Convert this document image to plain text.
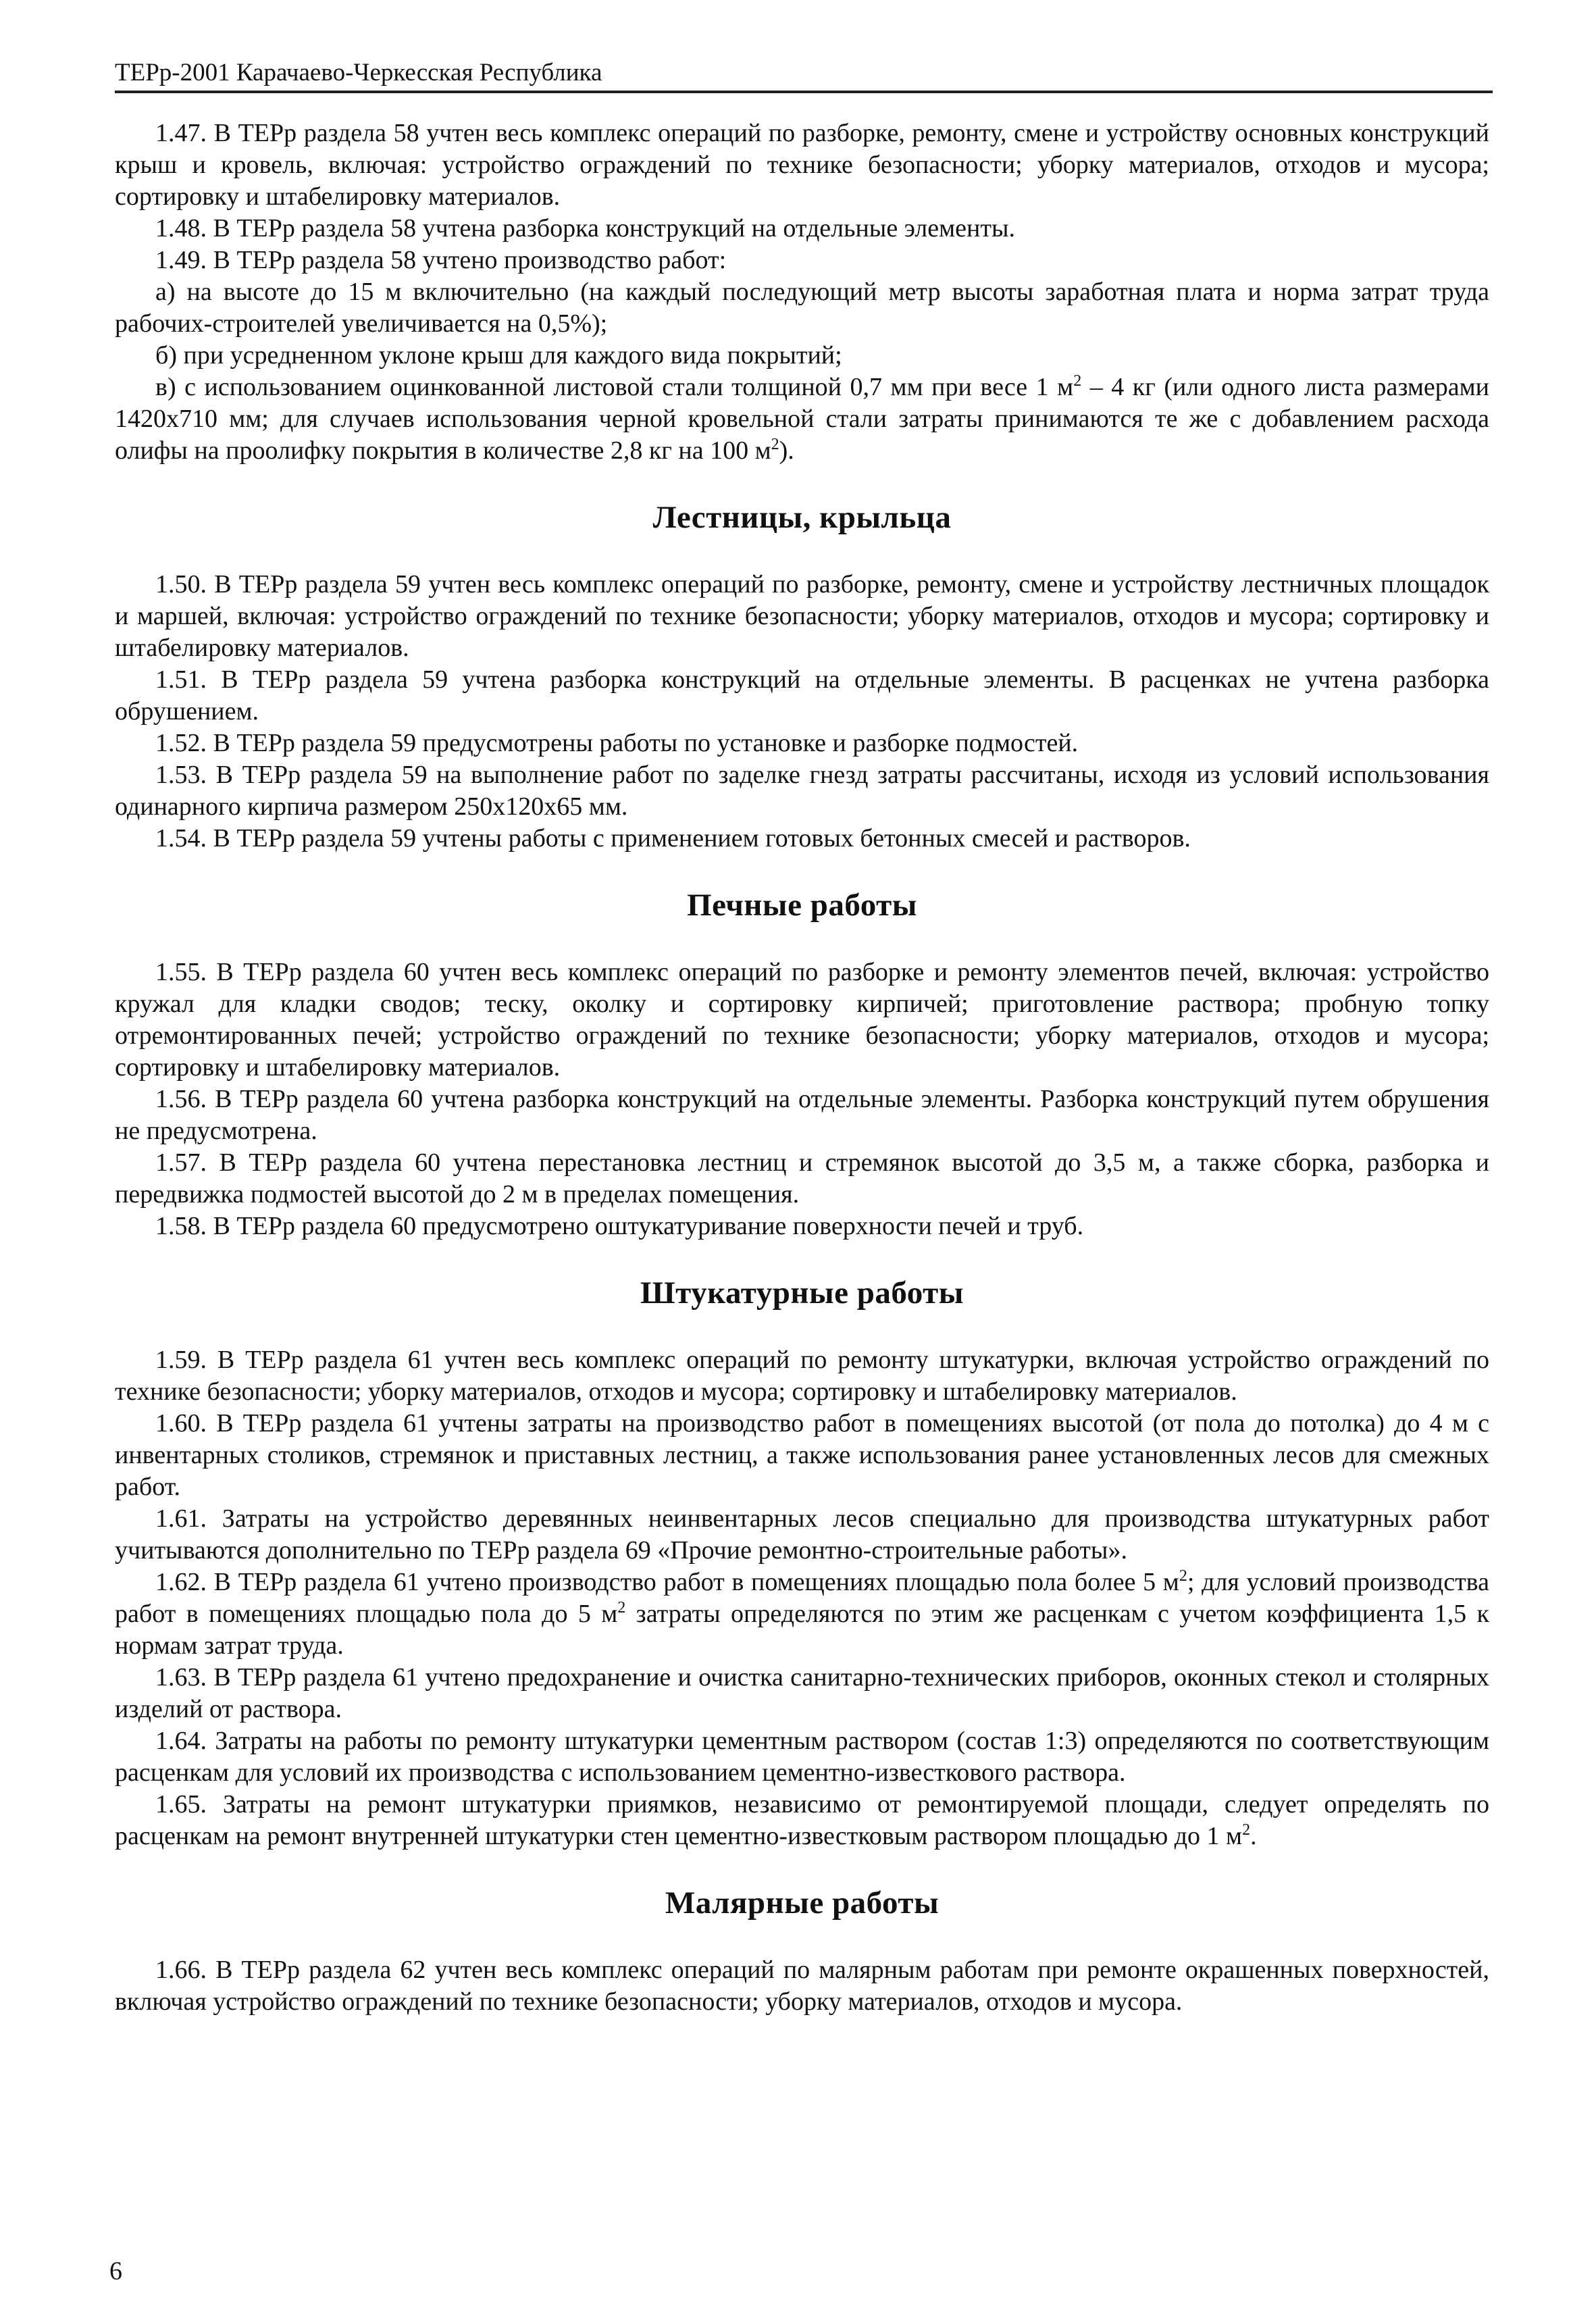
ТЕРр-2001 Карачаево-Черкесская Республика

1.47. В ТЕРр раздела 58 учтен весь комплекс операций по разборке, ремонту, смене и устройству основных конструкций крыш и кровель, включая: устройство ограждений по технике безопасности; уборку материалов, отходов и мусора; сортировку и штабелировку материалов.

1.48. В ТЕРр раздела 58 учтена разборка конструкций на отдельные элементы.

1.49. В ТЕРр раздела 58 учтено производство работ:

а) на высоте до 15 м включительно (на каждый последующий метр высоты заработная плата и норма затрат труда рабочих-строителей увеличивается на 0,5%);

б) при усредненном уклоне крыш для каждого вида покрытий;

в) с использованием оцинкованной листовой стали толщиной 0,7 мм при весе 1 $м^2 - 4$ кг (или одного листа размерами 1420х710 мм; для случаев использования черной кровельной стали затраты принимаются те же с добавлением расхода олифы на проолифку покрытия в количестве 2,8 кг на 100 $м^2$).

Лестницы, крыльца

1.50. В ТЕРр раздела 59 учтен весь комплекс операций по разборке, ремонту, смене и устройству лестничных площадок и маршей, включая: устройство ограждений по технике безопасности; уборку материалов, отходов и мусора; сортировку и штабелировку материалов.

1.51. В ТЕРр раздела 59 учтена разборка конструкций на отдельные элементы. В расценках не учтена разборка обрушением.

1.52. В ТЕРр раздела 59 предусмотрены работы по установке и разборке подмостей.

1.53. В ТЕРр раздела 59 на выполнение работ по заделке гнезд затраты рассчитаны, исходя из условий использования одинарного кирпича размером 250х120х65 мм.

1.54. В ТЕРр раздела 59 учтены работы с применением готовых бетонных смесей и растворов.

Печные работы

1.55. В ТЕРр раздела 60 учтен весь комплекс операций по разборке и ремонту элементов печей, включая: устройство кружал для кладки сводов; теску, околку и сортировку кирпичей; приготовление раствора; пробную топку отремонтированных печей; устройство ограждений по технике безопасности; уборку материалов, отходов и мусора; сортировку и штабелировку материалов.

1.56. В ТЕРр раздела 60 учтена разборка конструкций на отдельные элементы. Разборка конструкций путем обрушения не предусмотрена.

1.57. В ТЕРр раздела 60 учтена перестановка лестниц и стремянок высотой до 3,5 м, а также сборка, разборка и передвижка подмостей высотой до 2 м в пределах помещения.

1.58. В ТЕРр раздела 60 предусмотрено оштукатуривание поверхности печей и труб.

Штукатурные работы

1.59. В ТЕРр раздела 61 учтен весь комплекс операций по ремонту штукатурки, включая устройство ограждений по технике безопасности; уборку материалов, отходов и мусора; сортировку и штабелировку материалов.

1.60. В ТЕРр раздела 61 учтены затраты на производство работ в помещениях высотой (от пола до потолка) до 4 м с инвентарных столиков, стремянок и приставных лестниц, а также использования ранее установленных лесов для смежных работ.

1.61. Затраты на устройство деревянных неинвентарных лесов специально для производства штукатурных работ учитываются дополнительно по ТЕРр раздела 69 «Прочие ремонтно-строительные работы».

1.62. В ТЕРр раздела 61 учтено производство работ в помещениях площадью пола более 5 $м^2$; для условий производства работ в помещениях площадью пола до 5 $м^2$ затраты определяются по этим же расценкам с учетом коэффициента 1,5 к нормам затрат труда.

1.63. В ТЕРр раздела 61 учтено предохранение и очистка санитарно-технических приборов, оконных стекол и столярных изделий от раствора.

1.64. Затраты на работы по ремонту штукатурки цементным раствором (состав 1:3) определяются по соответствующим расценкам для условий их производства с использованием цементно-известкового раствора.

1.65. Затраты на ремонт штукатурки приямков, независимо от ремонтируемой площади, следует определять по расценкам на ремонт внутренней штукатурки стен цементно-известковым раствором площадью до 1 $м^2$.

Малярные работы

1.66. В ТЕРр раздела 62 учтен весь комплекс операций по малярным работам при ремонте окрашенных поверхностей, включая устройство ограждений по технике безопасности; уборку материалов, отходов и мусора.

6
